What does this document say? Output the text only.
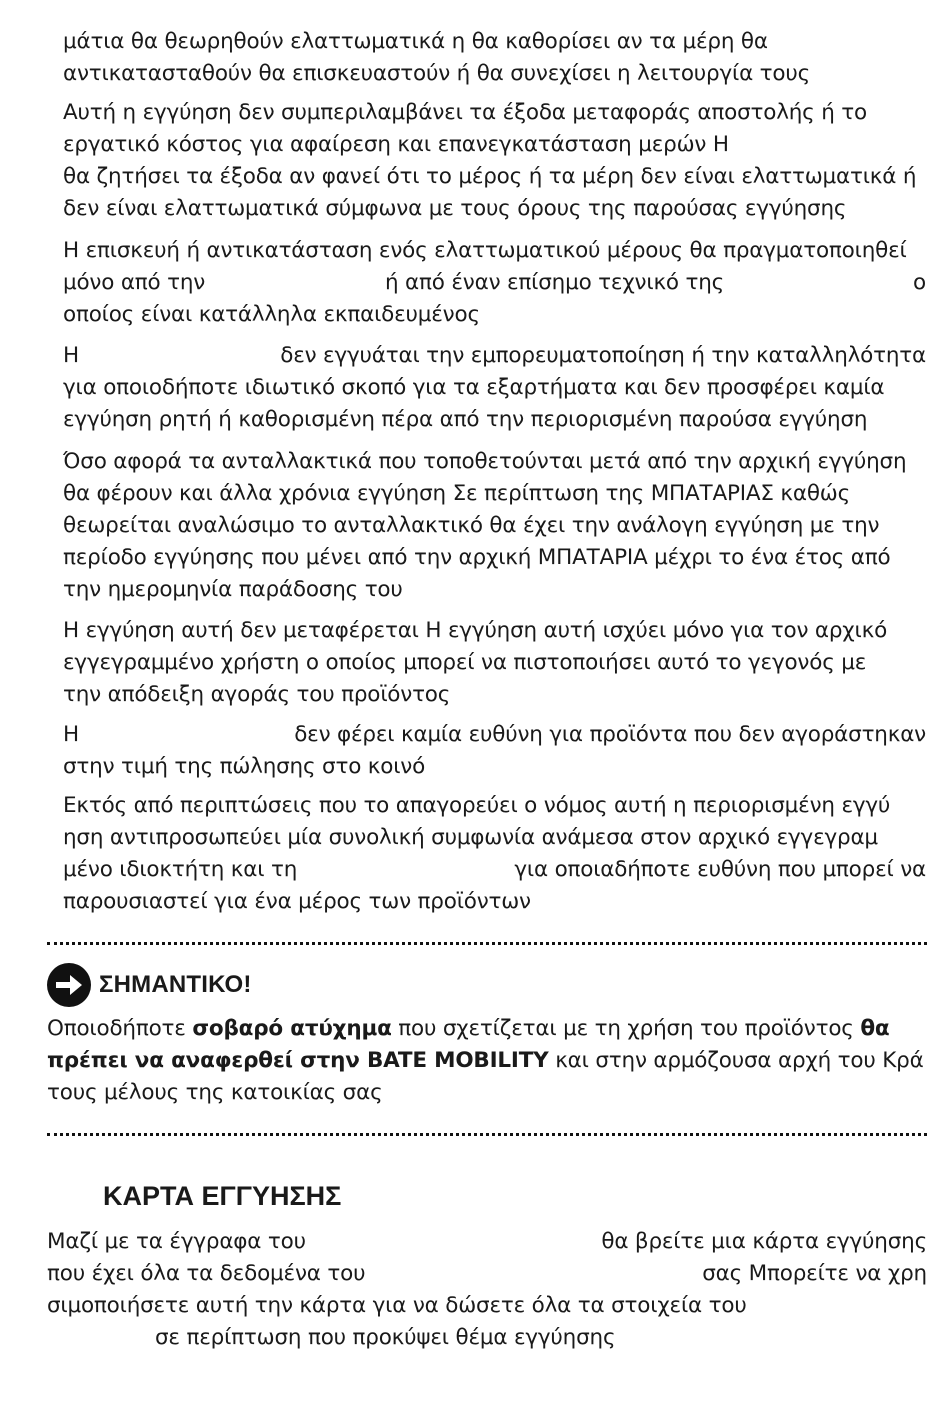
μάτια θα θεωρηθούν ελαττωματικά η θα καθορίσει αν τα μέρη θα
αντικατασταθούν θα επισκευαστούν ή θα συνεχίσει η λειτουργία τους
Αυτή η εγγύηση δεν συμπεριλαμβάνει τα έξοδα μεταφοράς αποστολής ή το
εργατικό κόστος για αφαίρεση και επανεγκατάσταση μερών Η
θα ζητήσει τα έξοδα αν φανεί ότι το μέρος ή τα μέρη δεν είναι ελαττωματικά ή
δεν είναι ελαττωματικά σύμφωνα με τους όρους της παρούσας εγγύησης
Η επισκευή ή αντικατάσταση ενός ελαττωματικού μέρους θα πραγματοποιηθεί
μόνο από την	ή από έναν επίσημο τεχνικό της	ο
οποίος είναι κατάλληλα εκπαιδευμένος
Η	δεν εγγυάται την εμπορευματοποίηση ή την καταλληλότητα
για οποιοδήποτε ιδιωτικό σκοπό για τα εξαρτήματα και δεν προσφέρει καμία
εγγύηση ρητή ή καθορισμένη πέρα από την περιορισμένη παρούσα εγγύηση
Όσο αφορά τα ανταλλακτικά που τοποθετούνται μετά από την αρχική εγγύηση
θα φέρουν και άλλα χρόνια εγγύηση Σε περίπτωση της ΜΠΑΤΑΡΙΑΣ καθώς
θεωρείται αναλώσιμο το ανταλλακτικό θα έχει την ανάλογη εγγύηση με την
περίοδο εγγύησης που μένει από την αρχική ΜΠΑΤΑΡΙΑ μέχρι το ένα έτος από
την ημερομηνία παράδοσης του
Η εγγύηση αυτή δεν μεταφέρεται Η εγγύηση αυτή ισχύει μόνο για τον αρχικό
εγγεγραμμένο χρήστη ο οποίος μπορεί να πιστοποιήσει αυτό το γεγονός με
την απόδειξη αγοράς του προϊόντος
Η	δεν φέρει καμία ευθύνη για προϊόντα που δεν αγοράστηκαν
στην τιμή της πώλησης στο κοινό
Εκτός από περιπτώσεις που το απαγορεύει ο νόμος αυτή η περιορισμένη εγγύ
ηση αντιπροσωπεύει μία συνολική συμφωνία ανάμεσα στον αρχικό εγγεγραμ
μένο ιδιοκτήτη και τη	για οποιαδήποτε ευθύνη που μπορεί να
παρουσιαστεί για ένα μέρος των προϊόντων
ΣΗΜΑΝΤΙΚΟ!
Οποιοδήποτε σοβαρό ατύχημα που σχετίζεται με τη χρήση του προϊόντος θα
πρέπει να αναφερθεί στην BATE MOBILITY και στην αρμόζουσα αρχή του Κρά
τους μέλους της κατοικίας σας
ΚΑΡΤΑ ΕΓΓΥΗΣΗΣ
Μαζί με τα έγγραφα του	θα βρείτε μια κάρτα εγγύησης
που έχει όλα τα δεδομένα του	σας Μπορείτε να χρη
σιμοποιήσετε αυτή την κάρτα για να δώσετε όλα τα στοιχεία του
σε περίπτωση που προκύψει θέμα εγγύησης
